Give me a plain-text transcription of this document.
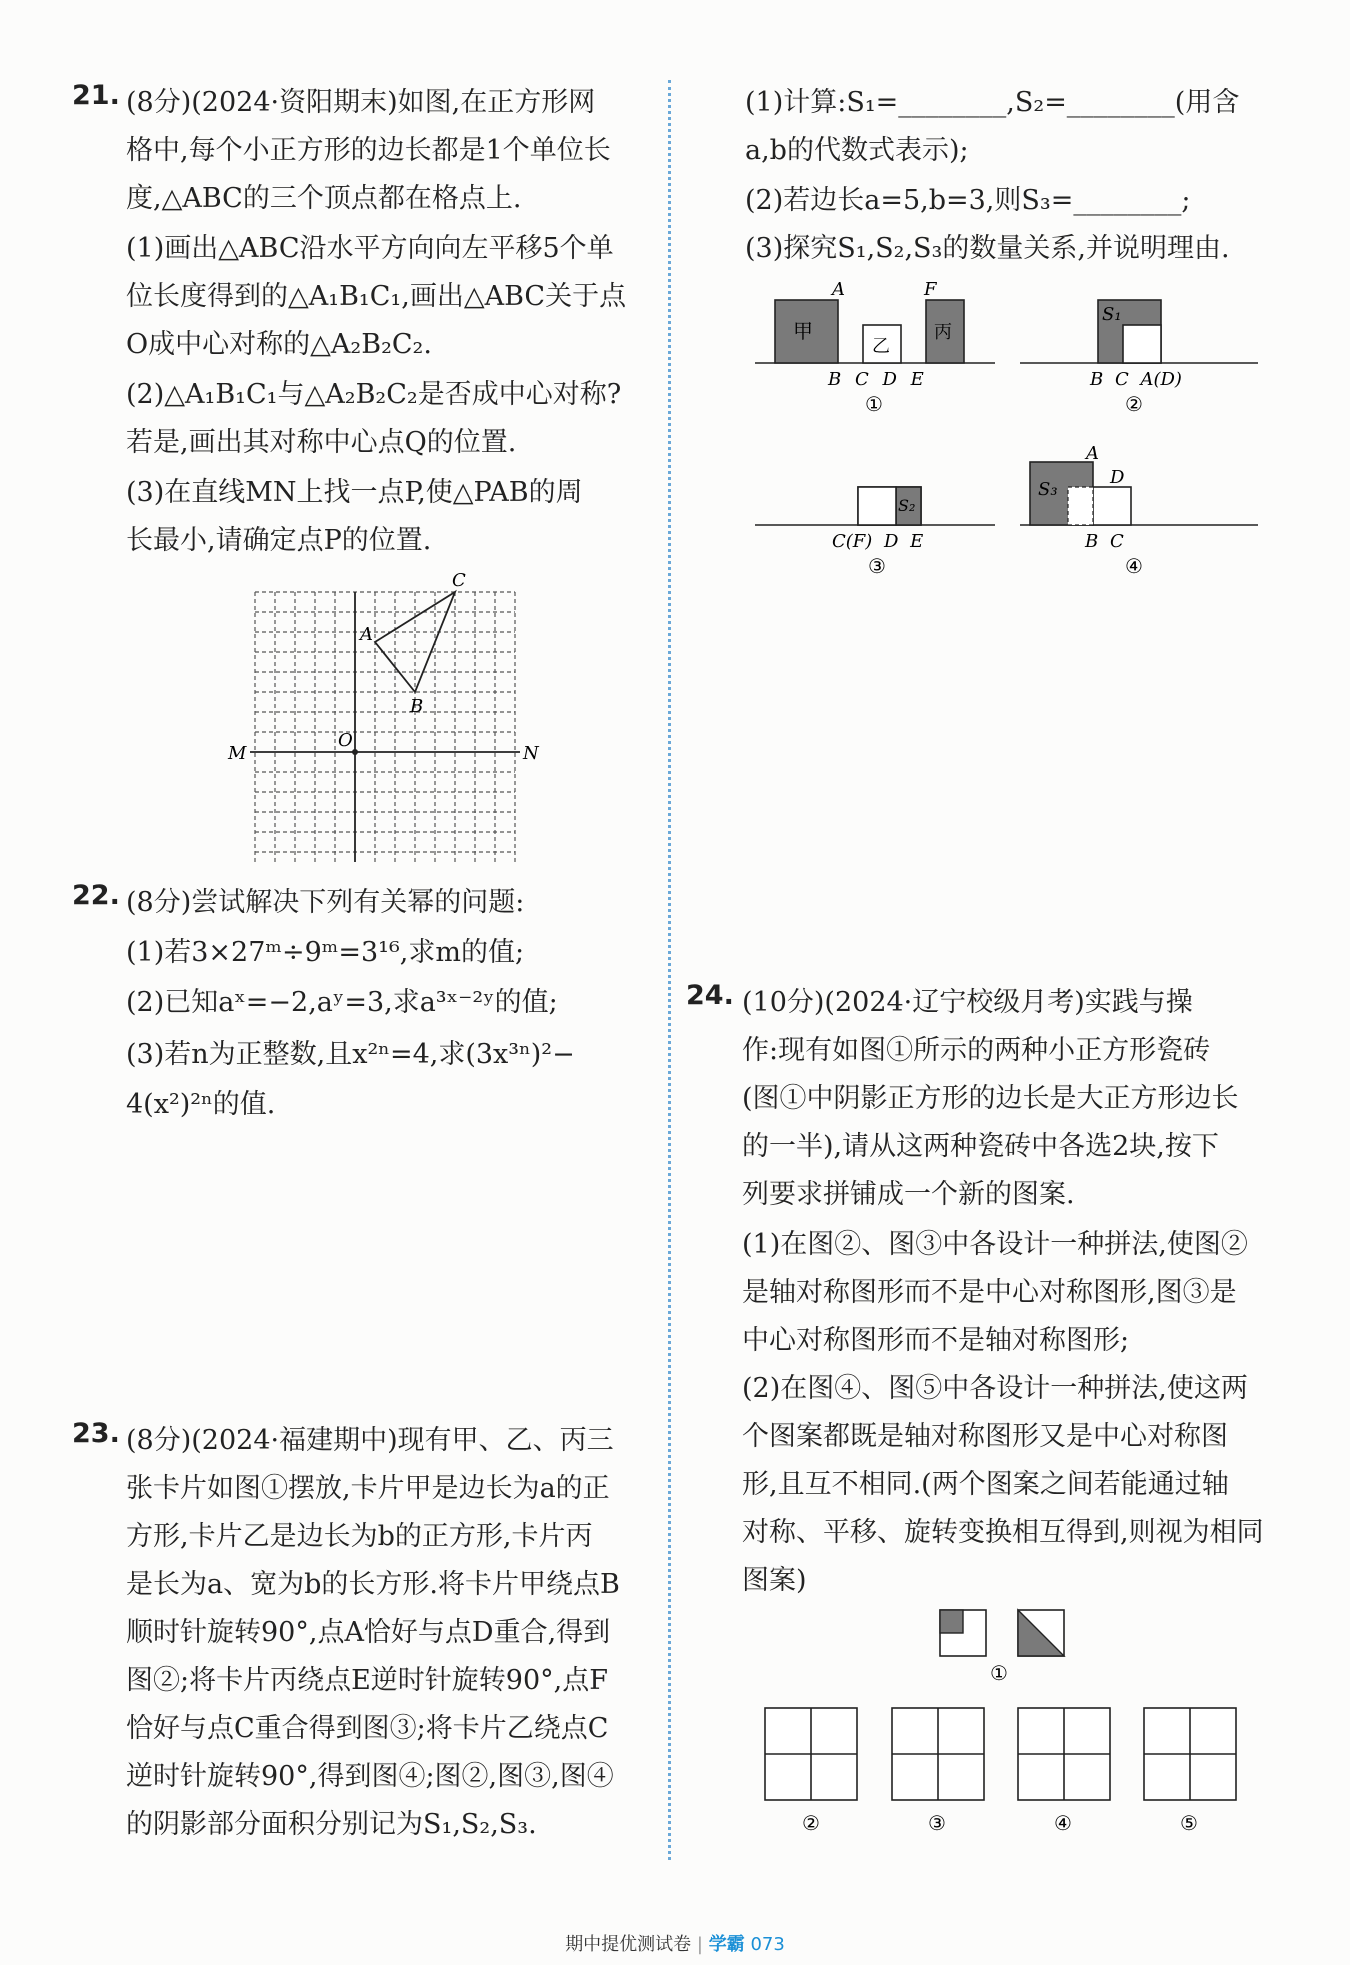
21. (8分)(2024·资阳期末)如图,在正方形网
格中,每个小正方形的边长都是1个单位长
度,△ABC的三个顶点都在格点上.
(1)画出△ABC沿水平方向向左平移5个单
位长度得到的△A₁B₁C₁,画出△ABC关于点
O成中心对称的△A₂B₂C₂.
(2)△A₁B₁C₁与△A₂B₂C₂是否成中心对称?
若是,画出其对称中心点Q的位置.
(3)在直线MN上找一点P,使△PAB的周
长最小,请确定点P的位置.
C
A
B
O
M	N
22. (8分)尝试解决下列有关幂的问题:
(1)若3×27ᵐ÷9ᵐ=3¹⁶,求m的值;
(2)已知aˣ=−2,aʸ=3,求a³ˣ⁻²ʸ的值;
(3)若n为正整数,且x²ⁿ=4,求(3x³ⁿ)²−
4(x²)²ⁿ的值.
23. (8分)(2024·福建期中)现有甲、乙、丙三
张卡片如图①摆放,卡片甲是边长为a的正
方形,卡片乙是边长为b的正方形,卡片丙
是长为a、宽为b的长方形.将卡片甲绕点B
顺时针旋转90°,点A恰好与点D重合,得到
图②;将卡片丙绕点E逆时针旋转90°,点F
恰好与点C重合得到图③;将卡片乙绕点C
逆时针旋转90°,得到图④;图②,图③,图④
的阴影部分面积分别记为S₁,S₂,S₃.
(1)计算:S₁=________,S₂=________(用含
a,b的代数式表示);
(2)若边长a=5,b=3,则S₃=________;
(3)探究S₁,S₂,S₃的数量关系,并说明理由.
甲
乙
丙
A	F
B C D E
①
S₁
B C A(D)
②
S₂
C(F) D E
③
S₃
A
D
B C
④
24. (10分)(2024·辽宁校级月考)实践与操
作:现有如图①所示的两种小正方形瓷砖
(图①中阴影正方形的边长是大正方形边长
的一半),请从这两种瓷砖中各选2块,按下
列要求拼铺成一个新的图案.
(1)在图②、图③中各设计一种拼法,使图②
是轴对称图形而不是中心对称图形,图③是
中心对称图形而不是轴对称图形;
(2)在图④、图⑤中各设计一种拼法,使这两
个图案都既是轴对称图形又是中心对称图
形,且互不相同.(两个图案之间若能通过轴
对称、平移、旋转变换相互得到,则视为相同
图案)
①
②	③	④	⑤
期中提优测试卷 | 学霸 073
